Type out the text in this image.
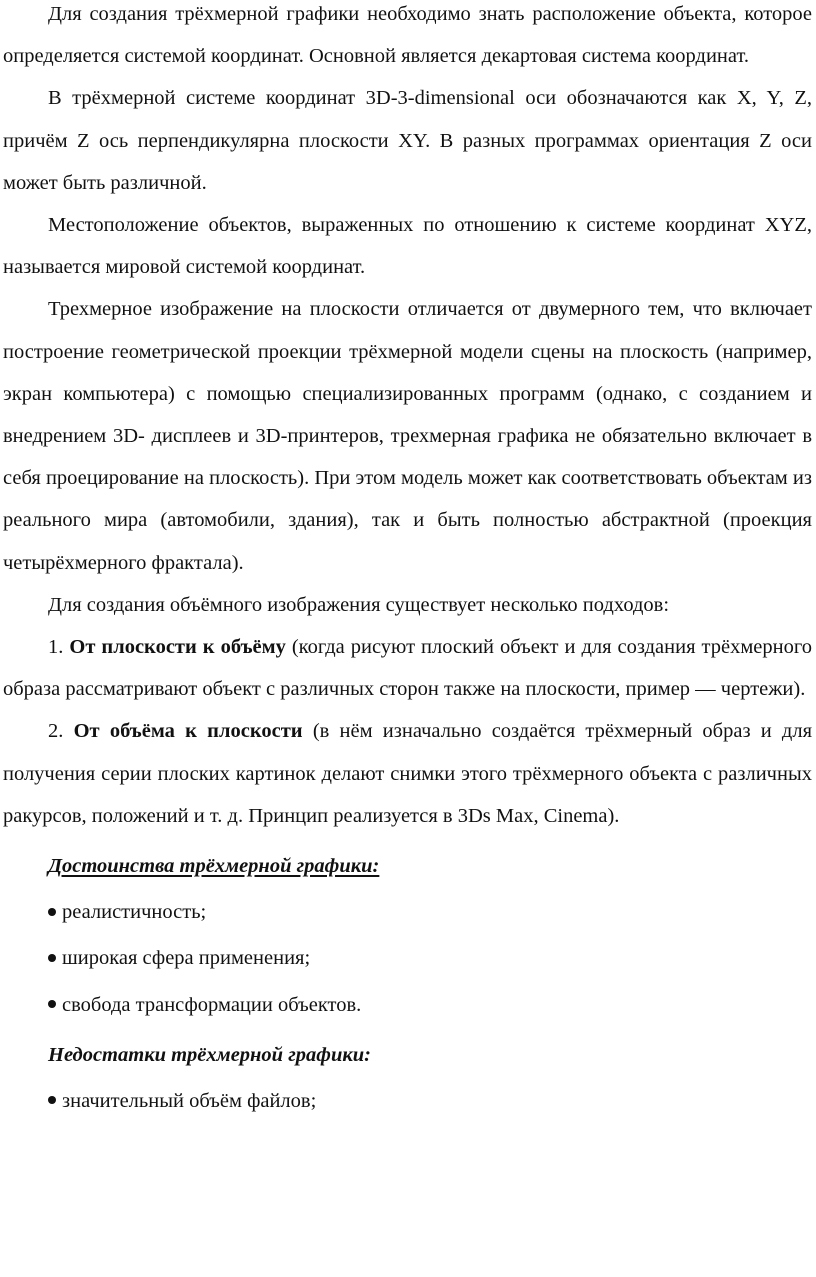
Для создания трёхмерной графики необходимо знать расположение объекта, которое определяется системой координат. Основной является декартовая система координат.

В трёхмерной системе координат 3D-3-dimensional оси обозначаются как X, Y, Z, причём Z ось перпендикулярна плоскости XY. В разных программах ориентация Z оси может быть различной.

Местоположение объектов, выраженных по отношению к системе координат XYZ, называется мировой системой координат.

Трехмерное изображение на плоскости отличается от двумерного тем, что включает построение геометрической проекции трёхмерной модели сцены на плоскость (например, экран компьютера) с помощью специализированных программ (однако, с созданием и внедрением 3D- дисплеев и 3D-принтеров, трехмерная графика не обязательно включает в себя проецирование на плоскость). При этом модель может как соответствовать объектам из реального мира (автомобили, здания), так и быть полностью абстрактной (проекция четырёхмерного фрактала).

Для создания объёмного изображения существует несколько подходов:

1. От плоскости к объёму (когда рисуют плоский объект и для создания трёхмерного образа рассматривают объект с различных сторон также на плоскости, пример — чертежи).

2. От объёма к плоскости (в нём изначально создаётся трёхмерный образ и для получения серии плоских картинок делают снимки этого трёхмерного объекта с различных ракурсов, положений и т. д. Принцип реализуется в 3Ds Max, Cinema).

Достоинства трёхмерной графики:

реалистичность;

широкая сфера применения;

свобода трансформации объектов.

Недостатки трёхмерной графики:

значительный объём файлов;
